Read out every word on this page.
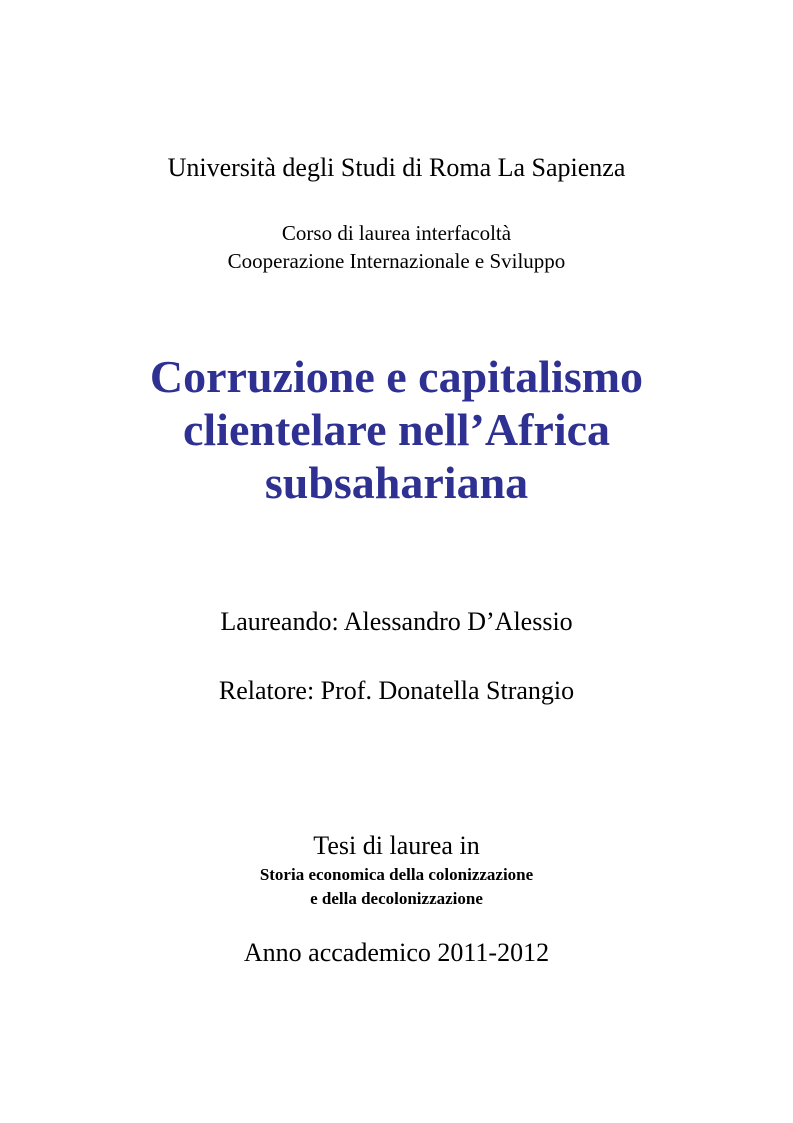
Università degli Studi di Roma La Sapienza

Corso di laurea interfacoltà

Cooperazione Internazionale e Sviluppo

Corruzione e capitalismo
clientelare nell’Africa
subsahariana

Laureando: Alessandro D’Alessio

Relatore: Prof. Donatella Strangio

Tesi di laurea in

Storia economica della colonizzazione

e della decolonizzazione

Anno accademico 2011-2012
